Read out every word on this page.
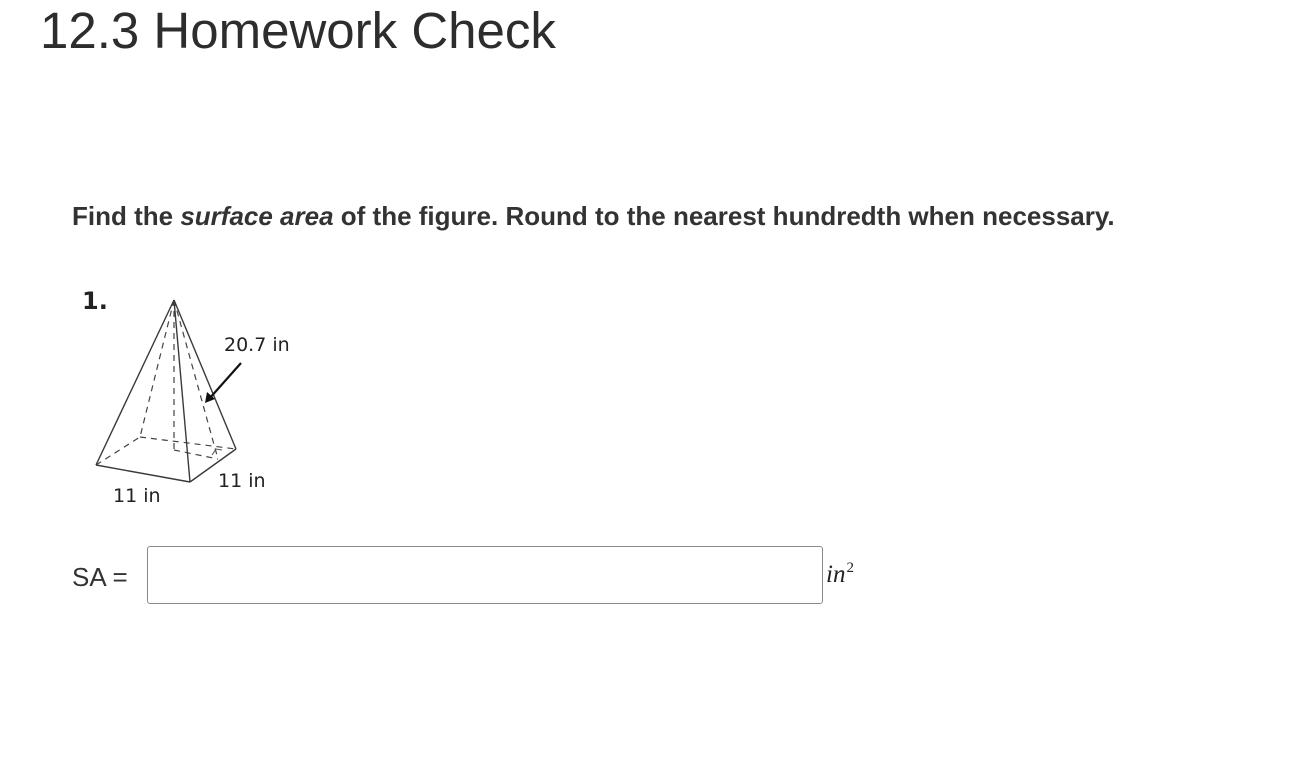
12.3 Homework Check
Find the surface area of the figure. Round to the nearest hundredth when necessary.
1.
20.7 in
11 in
11 in
SA =	$in^2$
